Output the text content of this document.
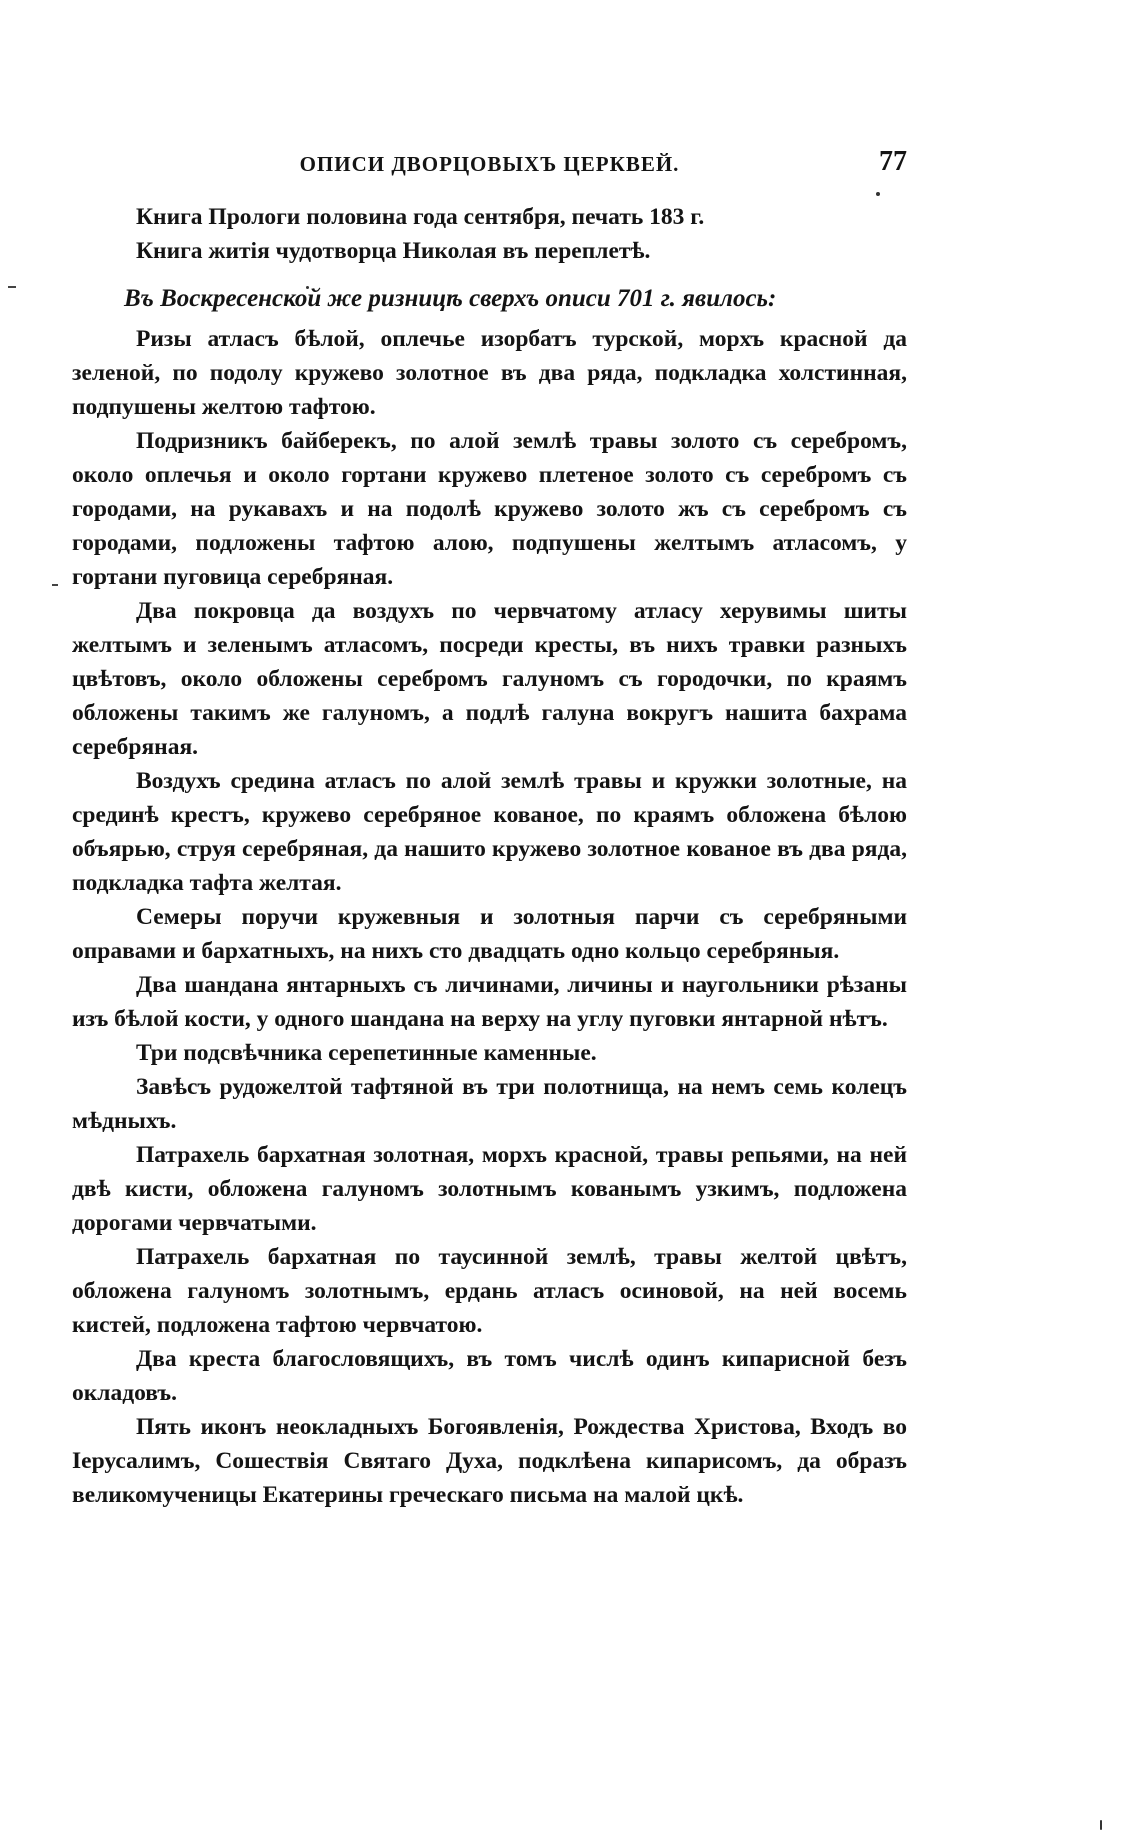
ОПИСИ ДВОРЦОВЫХЪ ЦЕРКВЕЙ.	77

Книга Прологи половина года сентября, печать 183 г.

Книга житія чудотворца Николая въ переплетѣ.

Въ Воскресенской же ризницѣ сверхъ описи 701 г. явилось:

Ризы атласъ бѣлой, оплечье изорбатъ турской, морхъ красной да зеленой, по подолу кружево золотное въ два ряда, подкладка холстинная, подпушены желтою тафтою.

Подризникъ байберекъ, по алой землѣ травы золото съ серебромъ, около оплечья и около гортани кружево плетеное золото съ серебромъ съ городами, на рукавахъ и на подолѣ кружево золото жъ съ серебромъ съ городами, подложены тафтою алою, подпушены желтымъ атласомъ, у гортани пуговица серебряная.

Два покровца да воздухъ по червчатому атласу херувимы шиты желтымъ и зеленымъ атласомъ, посреди кресты, въ нихъ травки разныхъ цвѣтовъ, около обложены серебромъ галуномъ съ городочки, по краямъ обложены такимъ же галуномъ, а подлѣ галуна вокругъ нашита бахрама серебряная.

Воздухъ средина атласъ по алой землѣ травы и кружки золотные, на срединѣ крестъ, кружево серебряное кованое, по краямъ обложена бѣлою объярью, струя серебряная, да нашито кружево золотное кованое въ два ряда, подкладка тафта желтая.

Семеры поручи кружевныя и золотныя парчи съ серебряными оправами и бархатныхъ, на нихъ сто двадцать одно кольцо серебряныя.

Два шандана янтарныхъ съ личинами, личины и наугольники рѣзаны изъ бѣлой кости, у одного шандана на верху на углу пуговки янтарной нѣтъ.

Три подсвѣчника серепетинные каменные.

Завѣсъ рудожелтой тафтяной въ три полотнища, на немъ семь колецъ мѣдныхъ.

Патрахель бархатная золотная, морхъ красной, травы репьями, на ней двѣ кисти, обложена галуномъ золотнымъ кованымъ узкимъ, подложена дорогами червчатыми.

Патрахель бархатная по таусинной землѣ, травы желтой цвѣтъ, обложена галуномъ золотнымъ, ердань атласъ осиновой, на ней восемь кистей, подложена тафтою червчатою.

Два креста благословящихъ, въ томъ числѣ одинъ кипарисной безъ окладовъ.

Пять иконъ неокладныхъ Богоявленія, Рождества Христова, Входъ во Іерусалимъ, Сошествія Святаго Духа, подклѣена кипарисомъ, да образъ великомученицы Екатерины греческаго письма на малой цкѣ.
